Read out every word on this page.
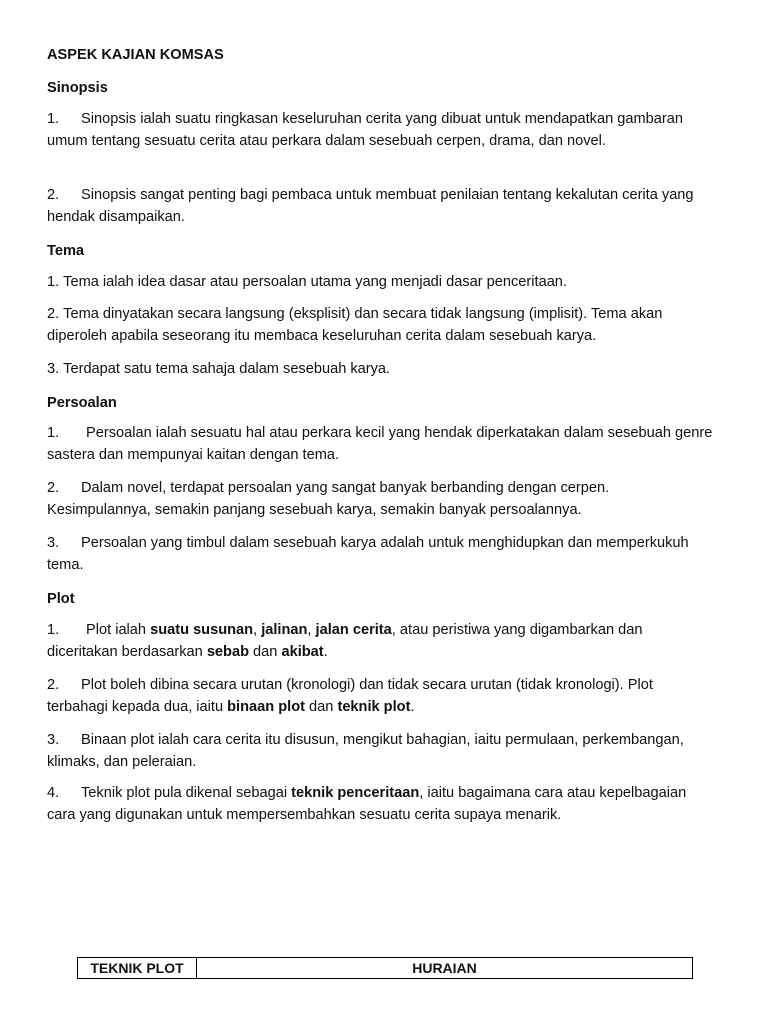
ASPEK KAJIAN KOMSAS
Sinopsis
1. Sinopsis ialah suatu ringkasan keseluruhan cerita yang dibuat untuk mendapatkan gambaran umum tentang sesuatu cerita atau perkara dalam sesebuah cerpen, drama, dan novel.
2. Sinopsis sangat penting bagi pembaca untuk membuat penilaian tentang kekalutan cerita yang hendak disampaikan.
Tema
1. Tema ialah idea dasar atau persoalan utama yang menjadi dasar penceritaan.
2. Tema dinyatakan secara langsung (eksplisit) dan secara tidak langsung (implisit). Tema akan diperoleh apabila seseorang itu membaca keseluruhan cerita dalam sesebuah karya.
3. Terdapat satu tema sahaja dalam sesebuah karya.
Persoalan
1. Persoalan ialah sesuatu hal atau perkara kecil yang hendak diperkatakan dalam sesebuah genre sastera dan mempunyai kaitan dengan tema.
2. Dalam novel, terdapat persoalan yang sangat banyak berbanding dengan cerpen. Kesimpulannya, semakin panjang sesebuah karya, semakin banyak persoalannya.
3. Persoalan yang timbul dalam sesebuah karya adalah untuk menghidupkan dan memperkukuh tema.
Plot
1. Plot ialah suatu susunan, jalinan, jalan cerita, atau peristiwa yang digambarkan dan diceritakan berdasarkan sebab dan akibat.
2. Plot boleh dibina secara urutan (kronologi) dan tidak secara urutan (tidak kronologi). Plot terbahagi kepada dua, iaitu binaan plot dan teknik plot.
3. Binaan plot ialah cara cerita itu disusun, mengikut bahagian, iaitu permulaan, perkembangan, klimaks, dan peleraian.
4. Teknik plot pula dikenal sebagai teknik penceritaan, iaitu bagaimana cara atau kepelbagaian cara yang digunakan untuk mempersembahkan sesuatu cerita supaya menarik.
TEKNIK PLOT	HURAIAN
